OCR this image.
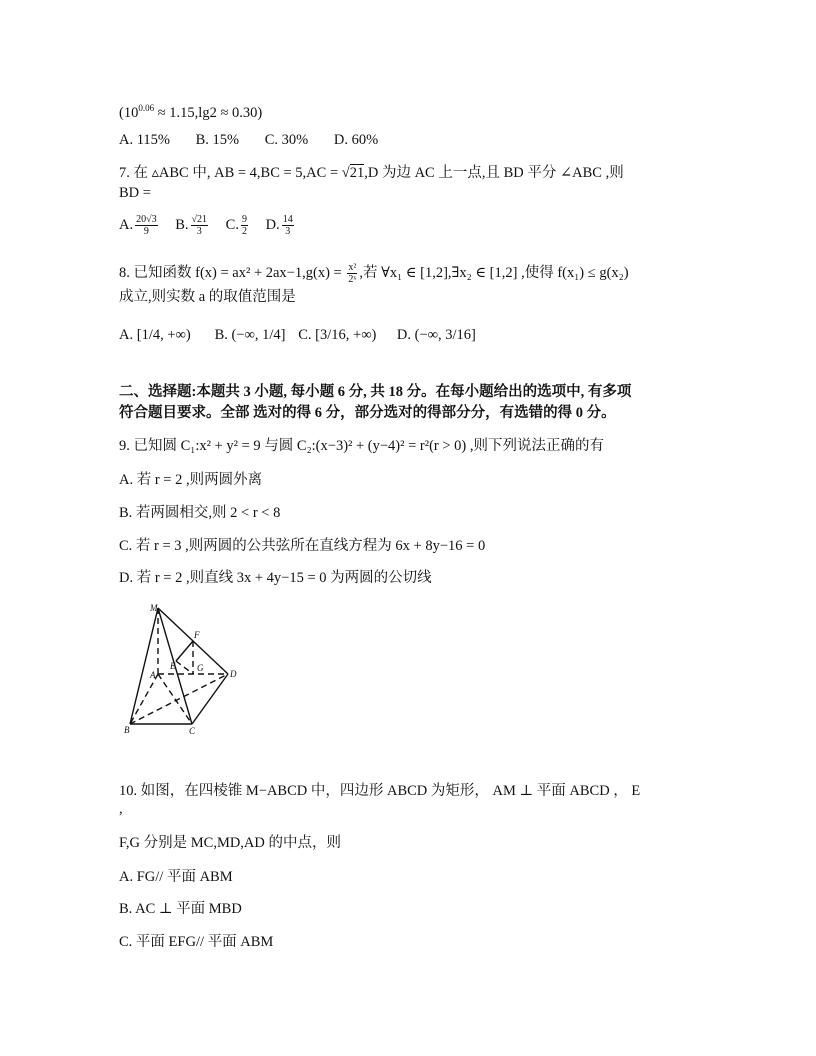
$(10^{0.06} \approx 1.15,\lg 2 \approx 0.30)$
A. 115% B. 15% C. 30% D. 60%
7. 在 ▵ABC 中, AB = 4,BC = 5,AC = √21,D 为边 AC 上一点,且 BD 平分 ∠ABC ,则
BD =
A. $\frac{20√3}{9} B$. $\frac{√21}{3} C$. $\frac{9}{2} D$. $\frac{14}{3}$
8. 已知函数 $f(x) = ax^2 + 2ax-1,g(x) = \frac{\text{x²}}{\text{2ˣ}}$ ,若 ∀x₁ ∈ [1,2],∃x₂ ∈ [1,2] ,使得 f(x₁) ≤ g(x₂)
成立,则实数 a 的取值范围是
A. [1/4, +∞) B. (−∞, 1/4] C. [3/16, +∞) D. (−∞, 3/16]
二、选择题:本题共 3 小题, 每小题 6 分, 共 18 分。在每小题给出的选项中, 有多项
符合题目要求。全部 选对的得 6 分，部分选对的得部分分，有选错的得 0 分。
9. 已知圆 C₁:x² + y² = 9 与圆 C₂:(x−3)² + (y−4)² = r²(r > 0) ,则下列说法正确的有
A. 若 r = 2 ,则两圆外离
B. 若两圆相交,则 2 < r < 8
C. 若 r = 3 ,则两圆的公共弦所在直线方程为 6x + 8y−16 = 0
D. 若 r = 2 ,则直线 3x + 4y−15 = 0 为两圆的公切线
M
F
E G
A	D
B	C
10. 如图，在四棱锥 M−ABCD 中，四边形 ABCD 为矩形， AM ⊥ 平面 ABCD ， E
,
F,G 分别是 MC,MD,AD 的中点，则
A. FG// 平面 ABM
B. AC ⊥ 平面 MBD
C. 平面 EFG// 平面 ABM
